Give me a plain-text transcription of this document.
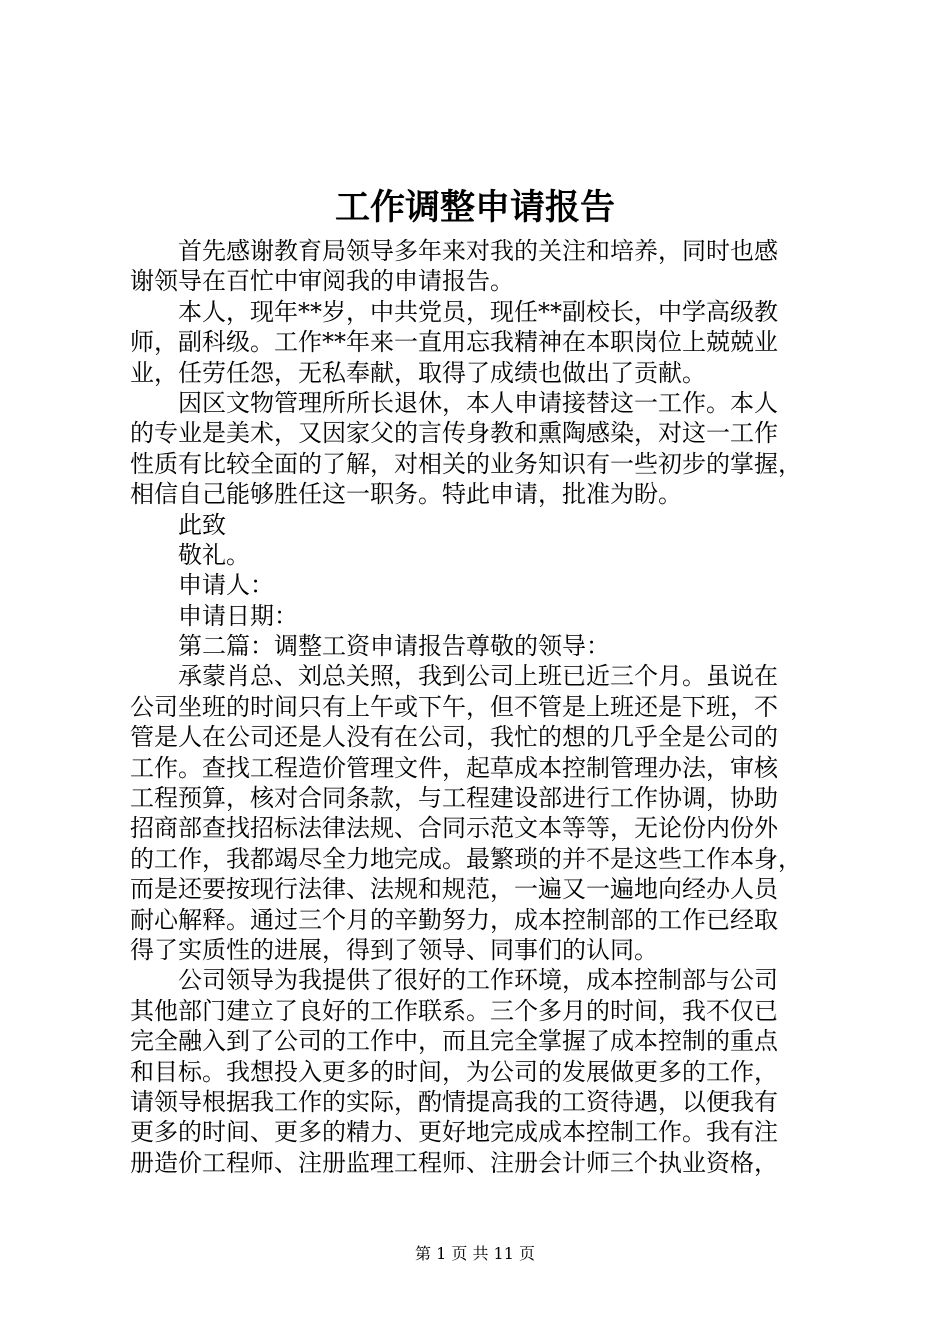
工作调整申请报告
　　首先感谢教育局领导多年来对我的关注和培养，同时也感
谢领导在百忙中审阅我的申请报告。
　　本人，现年**岁，中共党员，现任**副校长，中学高级教
师，副科级。工作**年来一直用忘我精神在本职岗位上兢兢业
业，任劳任怨，无私奉献，取得了成绩也做出了贡献。
　　因区文物管理所所长退休，本人申请接替这一工作。本人
的专业是美术，又因家父的言传身教和熏陶感染，对这一工作
性质有比较全面的了解，对相关的业务知识有一些初步的掌握，
相信自己能够胜任这一职务。特此申请，批准为盼。
　　此致
　　敬礼。
　　申请人：
　　申请日期：
　　第二篇：调整工资申请报告尊敬的领导：
　　承蒙肖总、刘总关照，我到公司上班已近三个月。虽说在
公司坐班的时间只有上午或下午，但不管是上班还是下班，不
管是人在公司还是人没有在公司，我忙的想的几乎全是公司的
工作。查找工程造价管理文件，起草成本控制管理办法，审核
工程预算，核对合同条款，与工程建设部进行工作协调，协助
招商部查找招标法律法规、合同示范文本等等，无论份内份外
的工作，我都竭尽全力地完成。最繁琐的并不是这些工作本身，
而是还要按现行法律、法规和规范，一遍又一遍地向经办人员
耐心解释。通过三个月的辛勤努力，成本控制部的工作已经取
得了实质性的进展，得到了领导、同事们的认同。
　　公司领导为我提供了很好的工作环境，成本控制部与公司
其他部门建立了良好的工作联系。三个多月的时间，我不仅已
完全融入到了公司的工作中，而且完全掌握了成本控制的重点
和目标。我想投入更多的时间，为公司的发展做更多的工作，
请领导根据我工作的实际，酌情提高我的工资待遇，以便我有
更多的时间、更多的精力、更好地完成成本控制工作。我有注
册造价工程师、注册监理工程师、注册会计师三个执业资格，
第 1 页 共 11 页
